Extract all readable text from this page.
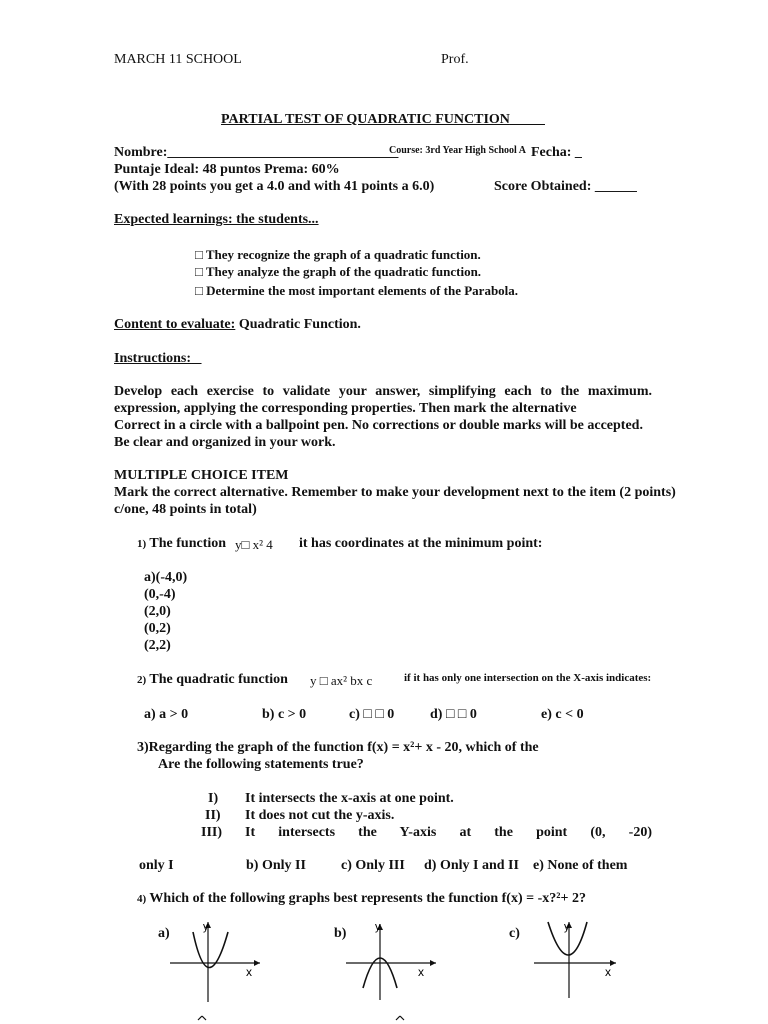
MARCH 11 SCHOOL	Prof.
PARTIAL TEST OF QUADRATIC FUNCTION_____
Nombre:_________________________________
Course: 3rd Year High School A Fecha: _
Puntaje Ideal: 48 puntos Prema: 60%
(With 28 points you get a 4.0 and with 41 points a 6.0)	Score Obtained: ______
Expected learnings: the students...
□ They recognize the graph of a quadratic function.
□ They analyze the graph of the quadratic function.
□ Determine the most important elements of the Parabola.
Content to evaluate: Quadratic Function.
Instructions:
Develop each exercise to validate your answer, simplifying each to the maximum.
expression, applying the corresponding properties. Then mark the alternative
Correct in a circle with a ballpoint pen. No corrections or double marks will be accepted.
Be clear and organized in your work.
MULTIPLE CHOICE ITEM
Mark the correct alternative. Remember to make your development next to the item (2 points)
c/one, 48 points in total)
1) The function y□ x² 4 it has coordinates at the minimum point:
a)(-4,0)
(0,-4)
(2,0)
(0,2)
(2,2)
2) The quadratic function y □ ax² bx c	if it has only one intersection on the X-axis indicates:
a) a > 0	b) c > 0	c) □ □ 0	d) □ □ 0	e) c < 0
3)Regarding the graph of the function f(x) = x²+ x - 20, which of the
Are the following statements true?
I) It intersects the x-axis at one point.
II) It does not cut the y-axis.
III) It intersects the Y-axis at the point (0, -20)
only I	b) Only II	c) Only III d) Only I and II e) None of them
4) Which of the following graphs best represents the function f(x) = -x?²+ 2?
a)	b)	c)
y
x
y
x
y
x
